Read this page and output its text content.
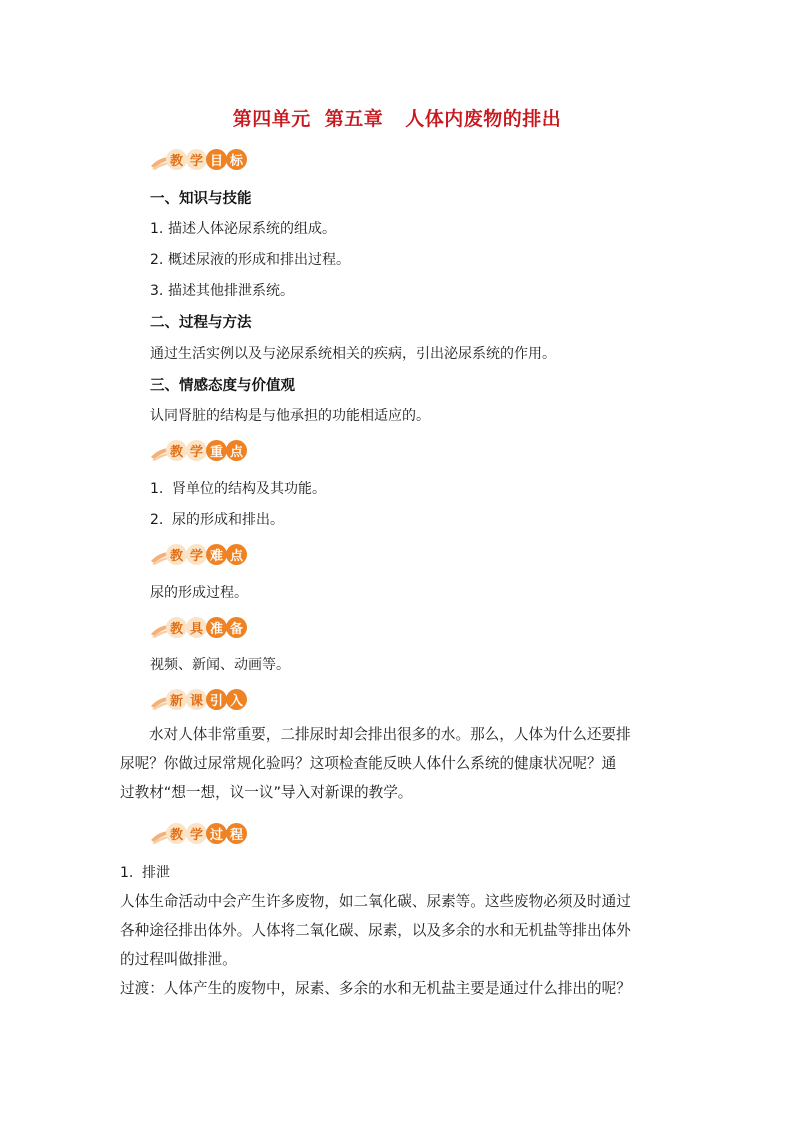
第四单元 第五章 人体内废物的排出
教 学 目 标
一、知识与技能
1. 描述人体泌尿系统的组成。
2. 概述尿液的形成和排出过程。
3. 描述其他排泄系统。
二、过程与方法
通过生活实例以及与泌尿系统相关的疾病，引出泌尿系统的作用。
三、情感态度与价值观
认同肾脏的结构是与他承担的功能相适应的。
教 学 重 点
1. 肾单位的结构及其功能。
2. 尿的形成和排出。
教 学 难 点
尿的形成过程。
教 具 准 备
视频、新闻、动画等。
新 课 引 入
水对人体非常重要，二排尿时却会排出很多的水。那么，人体为什么还要排
尿呢？你做过尿常规化验吗？这项检查能反映人体什么系统的健康状况呢？通
过教材“想一想，议一议”导入对新课的教学。
教 学 过 程
1. 排泄
人体生命活动中会产生许多废物，如二氧化碳、尿素等。这些废物必须及时通过
各种途径排出体外。人体将二氧化碳、尿素，以及多余的水和无机盐等排出体外
的过程叫做排泄。
过渡：人体产生的废物中，尿素、多余的水和无机盐主要是通过什么排出的呢？
